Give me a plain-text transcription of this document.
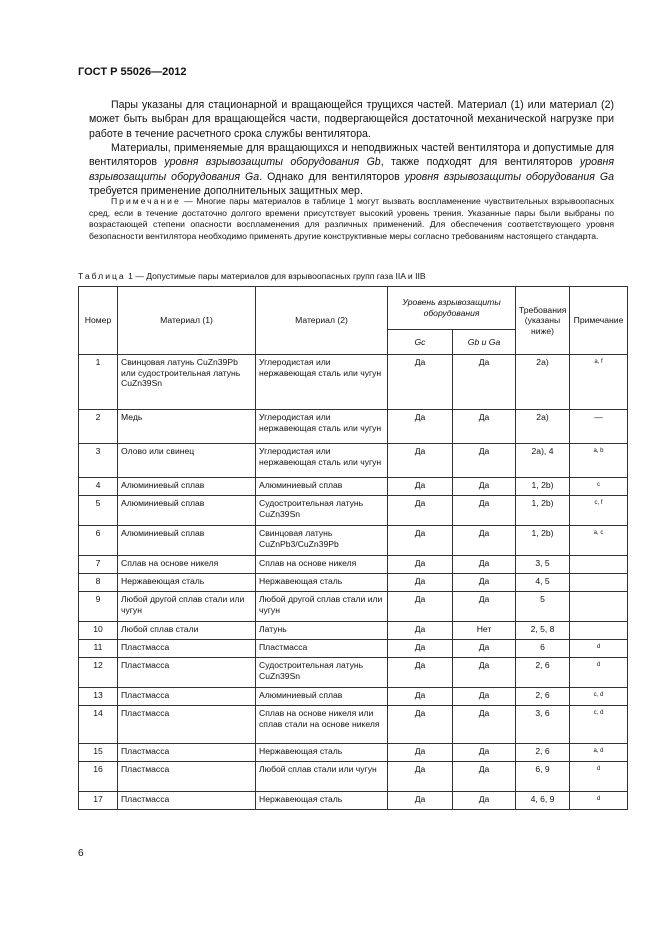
ГОСТ Р 55026—2012

Пары указаны для стационарной и вращающейся трущихся частей. Материал (1) или материал (2) может быть выбран для вращающейся части, подвергающейся достаточной механической нагрузке при работе в течение расчетного срока службы вентилятора.

Материалы, применяемые для вращающихся и неподвижных частей вентилятора и допустимые для вентиляторов уровня взрывозащиты оборудования Gb, также подходят для вентиляторов уровня взрывозащиты оборудования Ga. Однако для вентиляторов уровня взрывозащиты оборудования Ga требуется применение дополнительных защитных мер.

Примечание — Многие пары материалов в таблице 1 могут вызвать воспламенение чувствительных взрывоопасных сред, если в течение достаточно долгого времени присутствует высокий уровень трения. Указанные пары были выбраны по возрастающей степени опасности воспламенения для различных применений. Для обеспечения соответствующего уровня безопасности вентилятора необходимо применять другие конструктивные меры согласно требованиям настоящего стандарта.

Таблица 1 — Допустимые пары материалов для взрывоопасных групп газа IIA и IIB
Номер	Материал (1)	Материал (2)	Уровень взрывозащиты оборудования		Требования (указаны ниже)	Примечание
			Gc	Gb и Ga		
1	Свинцовая латунь CuZn39Pb или судостроительная латунь CuZn39Sn	Углеродистая или нержавеющая сталь или чугун	Да	Да	2a)	a, f
2	Медь	Углеродистая или нержавеющая сталь или чугун	Да	Да	2a)	—
3	Олово или свинец	Углеродистая или нержавеющая сталь или чугун	Да	Да	2a), 4	a, b
4	Алюминиевый сплав	Алюминиевый сплав	Да	Да	1, 2b)	c
5	Алюминиевый сплав	Судостроительная латунь CuZn39Sn	Да	Да	1, 2b)	c, f
6	Алюминиевый сплав	Свинцовая латунь CuZnPb3/CuZn39Pb	Да	Да	1, 2b)	a, c
7	Сплав на основе никеля	Сплав на основе никеля	Да	Да	3, 5	
8	Нержавеющая сталь	Нержавеющая сталь	Да	Да	4, 5	
9	Любой другой сплав стали или чугун	Любой другой сплав стали или чугун	Да	Да	5	
10	Любой сплав стали	Латунь	Да	Нет	2, 5, 8	
11	Пластмасса	Пластмасса	Да	Да	6	d
12	Пластмасса	Судостроительная латунь CuZn39Sn	Да	Да	2, 6	d
13	Пластмасса	Алюминиевый сплав	Да	Да	2, 6	c, d
14	Пластмасса	Сплав на основе никеля или сплав стали на основе никеля	Да	Да	3, 6	c, d
15	Пластмасса	Нержавеющая сталь	Да	Да	2, 6	a, d
16	Пластмасса	Любой сплав стали или чугун	Да	Да	6, 9	d
17	Пластмасса	Нержавеющая сталь	Да	Да	4, 6, 9	d
6
